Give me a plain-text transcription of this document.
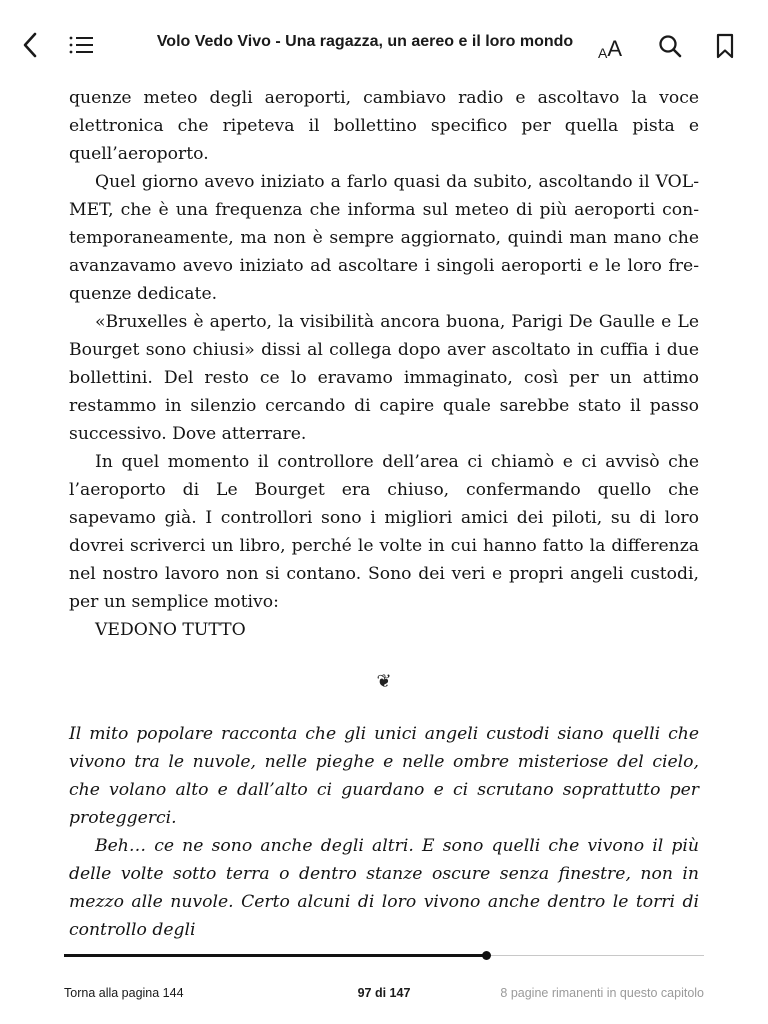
Volo Vedo Vivo - Una ragazza, un aereo e il loro mondo
A A

quenze meteo degli aeroporti, cambiavo radio e ascoltavo la voce elettronica che ripeteva il bollettino specifico per quella pista e quell’aeroporto.

Quel giorno avevo iniziato a farlo quasi da subito, ascoltando il VOLMET, che è una frequenza che informa sul meteo di più aeroporti contemporaneamente, ma non è sempre aggiornato, quindi man mano che avanzavamo avevo iniziato ad ascoltare i singoli aeroporti e le loro frequenze dedicate.

«Bruxelles è aperto, la visibilità ancora buona, Parigi De Gaulle e Le Bourget sono chiusi» dissi al collega dopo aver ascoltato in cuffia i due bollettini. Del resto ce lo eravamo immaginato, così per un attimo restammo in silenzio cercando di capire quale sarebbe stato il passo successivo. Dove atterrare.

In quel momento il controllore dell’area ci chiamò e ci avvisò che l’aeroporto di Le Bourget era chiuso, confermando quello che sapevamo già. I controllori sono i migliori amici dei piloti, su di loro dovrei scriverci un libro, perché le volte in cui hanno fatto la differenza nel nostro lavoro non si contano. Sono dei veri e propri angeli custodi, per un semplice motivo:

VEDONO TUTTO

❦

Il mito popolare racconta che gli unici angeli custodi siano quelli che vivono tra le nuvole, nelle pieghe e nelle ombre misteriose del cielo, che volano alto e dall’alto ci guardano e ci scrutano soprattutto per proteggerci.

Beh… ce ne sono anche degli altri. E sono quelli che vivono il più delle volte sotto terra o dentro stanze oscure senza finestre, non in mezzo alle nuvole. Certo alcuni di loro vivono anche dentro le torri di controllo degli

Torna alla pagina 144	97 di 147	8 pagine rimanenti in questo capitolo
